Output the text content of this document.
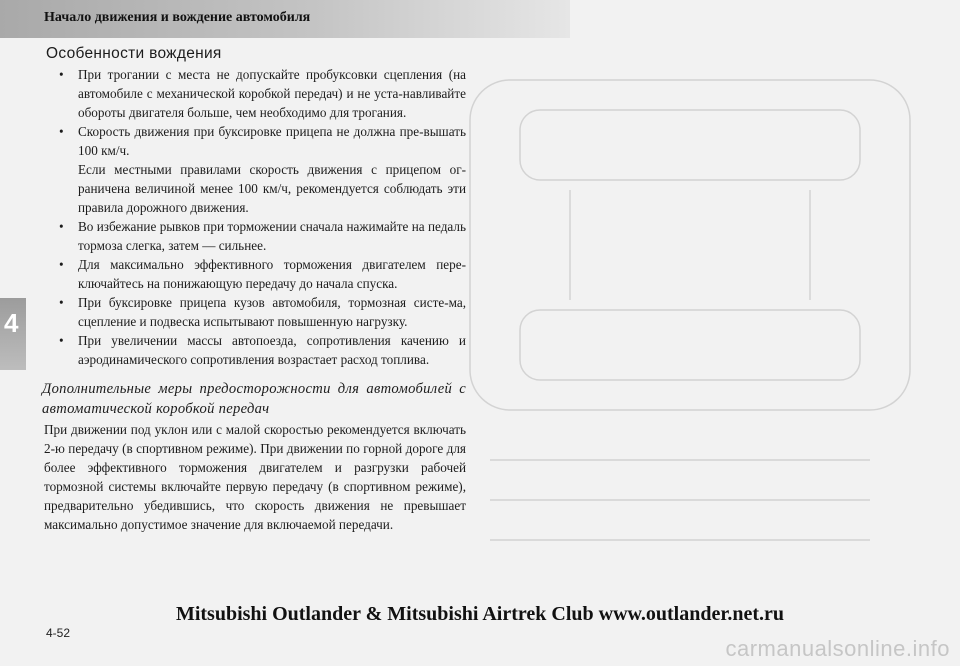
Начало движения и вождение автомобиля
4
Особенности вождения
• При трогании с места не допускайте пробуксовки сцепления (на автомобиле с механической коробкой передач) и не уста-навливайте обороты двигателя больше, чем необходимо для трогания.
• Скорость движения при буксировке прицепа не должна пре-вышать 100 км/ч.
Если местными правилами скорость движения с прицепом ог-раничена величиной менее 100 км/ч, рекомендуется соблюдать эти правила дорожного движения.
• Во избежание рывков при торможении сначала нажимайте на педаль тормоза слегка, затем — сильнее.
• Для максимально эффективного торможения двигателем пере-ключайтесь на понижающую передачу до начала спуска.
• При буксировке прицепа кузов автомобиля, тормозная систе-ма, сцепление и подвеска испытывают повышенную нагрузку.
• При увеличении массы автопоезда, сопротивления качению и аэродинамического сопротивления возрастает расход топлива.
Дополнительные меры предосторожности для автомобилей с автоматической коробкой передач
При движении под уклон или с малой скоростью рекомендуется включать 2-ю передачу (в спортивном режиме). При движении по горной дороге для более эффективного торможения двигателем и разгрузки рабочей тормозной системы включайте первую передачу (в спортивном режиме), предварительно убедившись, что скорость движения не превышает максимально допустимое значение для включаемой передачи.
Mitsubishi Outlander & Mitsubishi Airtrek Club www.outlander.net.ru
4-52
carmanualsonline.info
